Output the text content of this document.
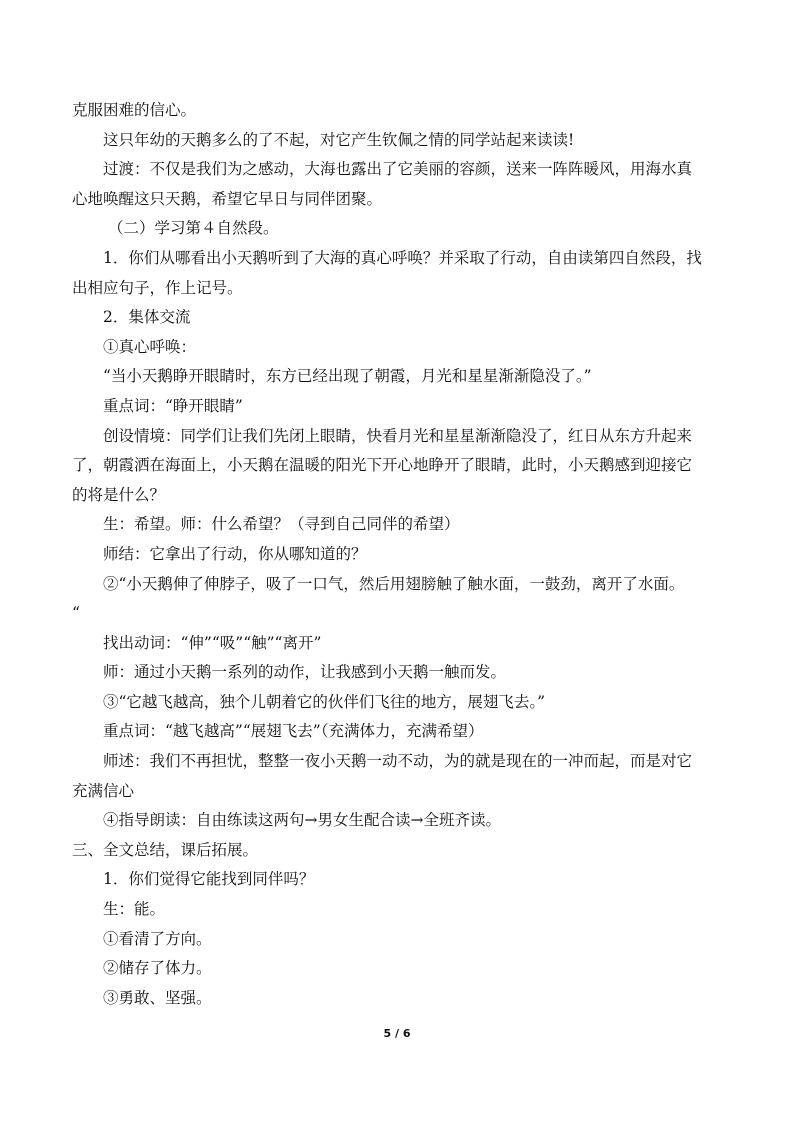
克服困难的信心。
这只年幼的天鹅多么的了不起，对它产生钦佩之情的同学站起来读读!
过渡：不仅是我们为之感动，大海也露出了它美丽的容颜，送来一阵阵暖风，用海水真
心地唤醒这只天鹅，希望它早日与同伴团聚。
（二）学习第４自然段。
1．你们从哪看出小天鹅听到了大海的真心呼唤？并采取了行动，自由读第四自然段，找
出相应句子，作上记号。
2．集体交流
①真心呼唤：
“当小天鹅睁开眼睛时，东方已经出现了朝霞，月光和星星渐渐隐没了。”
重点词：“睁开眼睛”
创设情境：同学们让我们先闭上眼睛，快看月光和星星渐渐隐没了，红日从东方升起来
了，朝霞洒在海面上，小天鹅在温暖的阳光下开心地睁开了眼睛，此时，小天鹅感到迎接它
的将是什么？
生：希望。师：什么希望？（寻到自己同伴的希望）
师结：它拿出了行动，你从哪知道的？
②“小天鹅伸了伸脖子，吸了一口气，然后用翅膀触了触水面，一鼓劲，离开了水面。
“
找出动词：“伸”“吸”“触”“离开”
师：通过小天鹅一系列的动作，让我感到小天鹅一触而发。
③“它越飞越高，独个儿朝着它的伙伴们飞往的地方，展翅飞去。”
重点词：“越飞越高”“展翅飞去”（充满体力，充满希望）
师述：我们不再担忧，整整一夜小天鹅一动不动，为的就是现在的一冲而起，而是对它
充满信心
④指导朗读：自由练读这两句→男女生配合读→全班齐读。
三、全文总结，课后拓展。
1．你们觉得它能找到同伴吗？
生：能。
①看清了方向。
②储存了体力。
③勇敢、坚强。
5 / 6
